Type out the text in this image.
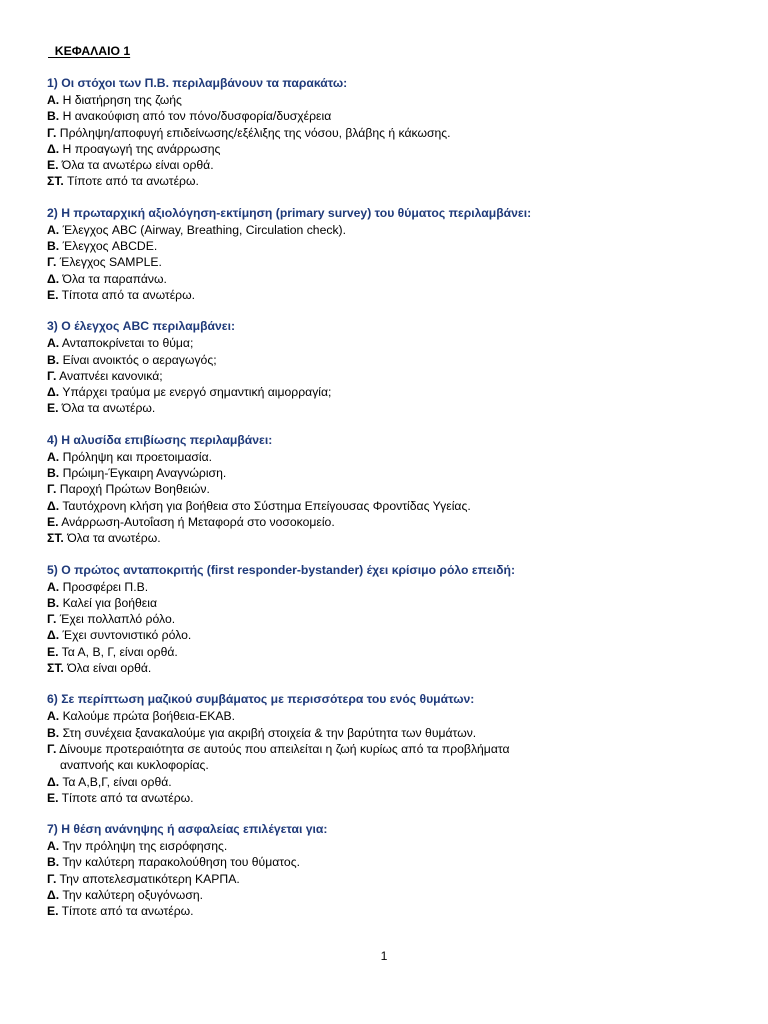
ΚΕΦΑΛΑΙΟ 1
1) Οι στόχοι των Π.Β. περιλαμβάνουν τα παρακάτω:
Α. Η διατήρηση της ζωής
Β. Η ανακούφιση από τον πόνο/δυσφορία/δυσχέρεια
Γ. Πρόληψη/αποφυγή επιδείνωσης/εξέλιξης της νόσου, βλάβης ή κάκωσης.
Δ. Η προαγωγή της ανάρρωσης
Ε. Όλα τα ανωτέρω είναι ορθά.
ΣΤ. Τίποτε από τα ανωτέρω.
2) Η πρωταρχική αξιολόγηση-εκτίμηση (primary survey) του θύματος περιλαμβάνει:
Α. Έλεγχος ABC (Airway, Breathing, Circulation check).
Β. Έλεγχος ABCDE.
Γ. Έλεγχος SAMPLE.
Δ. Όλα τα παραπάνω.
Ε. Τίποτα από τα ανωτέρω.
3) Ο έλεγχος ABC περιλαμβάνει:
Α. Ανταποκρίνεται το θύμα;
Β. Είναι ανοικτός ο αεραγωγός;
Γ. Αναπνέει κανονικά;
Δ. Υπάρχει τραύμα με ενεργό σημαντική αιμορραγία;
Ε. Όλα τα ανωτέρω.
4) Η αλυσίδα επιβίωσης περιλαμβάνει:
Α. Πρόληψη και προετοιμασία.
Β. Πρώιμη-Έγκαιρη Αναγνώριση.
Γ. Παροχή Πρώτων Βοηθειών.
Δ. Ταυτόχρονη κλήση για βοήθεια στο Σύστημα Επείγουσας Φροντίδας Υγείας.
Ε. Ανάρρωση-Αυτοΐαση ή Μεταφορά στο νοσοκομείο.
ΣΤ. Όλα τα ανωτέρω.
5) Ο πρώτος ανταποκριτής (first responder-bystander) έχει κρίσιμο ρόλο επειδή:
Α. Προσφέρει Π.Β.
Β. Καλεί για βοήθεια
Γ. Έχει πολλαπλό ρόλο.
Δ. Έχει συντονιστικό ρόλο.
Ε. Τα Α, Β, Γ, είναι ορθά.
ΣΤ. Όλα είναι ορθά.
6) Σε περίπτωση μαζικού συμβάματος με περισσότερα του ενός θυμάτων:
Α. Καλούμε πρώτα βοήθεια-ΕΚΑΒ.
Β. Στη συνέχεια ξανακαλούμε για ακριβή στοιχεία & την βαρύτητα των θυμάτων.
Γ. Δίνουμε προτεραιότητα σε αυτούς που απειλείται η ζωή κυρίως από τα προβλήματα
αναπνοής και κυκλοφορίας.
Δ. Τα Α,Β,Γ, είναι ορθά.
Ε. Τίποτε από τα ανωτέρω.
7) Η θέση ανάνηψης ή ασφαλείας επιλέγεται για:
Α. Την πρόληψη της εισρόφησης.
Β. Την καλύτερη παρακολούθηση του θύματος.
Γ. Την αποτελεσματικότερη ΚΑΡΠΑ.
Δ. Την καλύτερη οξυγόνωση.
Ε. Τίποτε από τα ανωτέρω.
1
